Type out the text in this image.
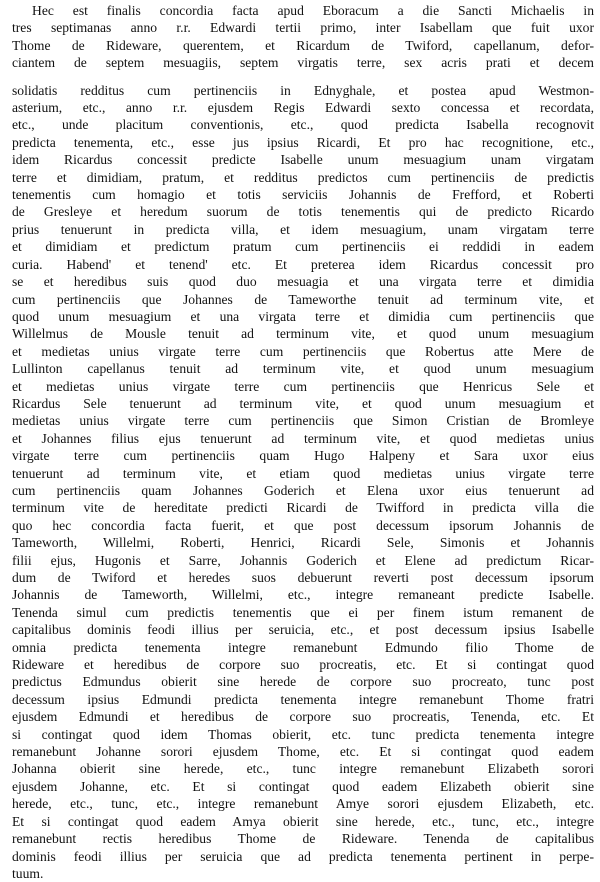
Hec est finalis concordia facta apud Eboracum a die Sancti Michaelis in
tres septimanas anno r.r. Edwardi tertii primo, inter Isabellam que fuit uxor
Thome de Rideware, querentem, et Ricardum de Twiford, capellanum, defor-
ciantem de septem mesuagiis, septem virgatis terre, sex acris prati et decem
solidatis redditus cum pertinenciis in Ednyghale, et postea apud Westmon-
asterium, etc., anno r.r. ejusdem Regis Edwardi sexto concessa et recordata,
etc., unde placitum conventionis, etc., quod predicta Isabella recognovit
predicta tenementa, etc., esse jus ipsius Ricardi, Et pro hac recognitione, etc.,
idem Ricardus concessit predicte Isabelle unum mesuagium unam virgatam
terre et dimidiam, pratum, et redditus predictos cum pertinenciis de predictis
tenementis cum homagio et totis serviciis Johannis de Frefford, et Roberti
de Gresleye et heredum suorum de totis tenementis qui de predicto Ricardo
prius tenuerunt in predicta villa, et idem mesuagium, unam virgatam terre
et dimidiam et predictum pratum cum pertinenciis ei reddidi in eadem
curia. Habend' et tenend' etc. Et preterea idem Ricardus concessit pro
se et heredibus suis quod duo mesuagia et una virgata terre et dimidia
cum pertinenciis que Johannes de Tameworthe tenuit ad terminum vite, et
quod unum mesuagium et una virgata terre et dimidia cum pertinenciis que
Willelmus de Mousle tenuit ad terminum vite, et quod unum mesuagium
et medietas unius virgate terre cum pertinenciis que Robertus atte Mere de
Lullinton capellanus tenuit ad terminum vite, et quod unum mesuagium
et medietas unius virgate terre cum pertinenciis que Henricus Sele et
Ricardus Sele tenuerunt ad terminum vite, et quod unum mesuagium et
medietas unius virgate terre cum pertinenciis que Simon Cristian de Bromleye
et Johannes filius ejus tenuerunt ad terminum vite, et quod medietas unius
virgate terre cum pertinenciis quam Hugo Halpeny et Sara uxor eius
tenuerunt ad terminum vite, et etiam quod medietas unius virgate terre
cum pertinenciis quam Johannes Goderich et Elena uxor eius tenuerunt ad
terminum vite de hereditate predicti Ricardi de Twifford in predicta villa die
quo hec concordia facta fuerit, et que post decessum ipsorum Johannis de
Tameworth, Willelmi, Roberti, Henrici, Ricardi Sele, Simonis et Johannis
filii ejus, Hugonis et Sarre, Johannis Goderich et Elene ad predictum Ricar-
dum de Twiford et heredes suos debuerunt reverti post decessum ipsorum
Johannis de Tameworth, Willelmi, etc., integre remaneant predicte Isabelle.
Tenenda simul cum predictis tenementis que ei per finem istum remanent de
capitalibus dominis feodi illius per seruicia, etc., et post decessum ipsius Isabelle
omnia predicta tenementa integre remanebunt Edmundo filio Thome de
Rideware et heredibus de corpore suo procreatis, etc. Et si contingat quod
predictus Edmundus obierit sine herede de corpore suo procreato, tunc post
decessum ipsius Edmundi predicta tenementa integre remanebunt Thome fratri
ejusdem Edmundi et heredibus de corpore suo procreatis, Tenenda, etc. Et
si contingat quod idem Thomas obierit, etc. tunc predicta tenementa integre
remanebunt Johanne sorori ejusdem Thome, etc. Et si contingat quod eadem
Johanna obierit sine herede, etc., tunc integre remanebunt Elizabeth sorori
ejusdem Johanne, etc. Et si contingat quod eadem Elizabeth obierit sine
herede, etc., tunc, etc., integre remanebunt Amye sorori ejusdem Elizabeth, etc.
Et si contingat quod eadem Amya obierit sine herede, etc., tunc, etc., integre
remanebunt rectis heredibus Thome de Rideware. Tenenda de capitalibus
dominis feodi illius per seruicia que ad predicta tenementa pertinent in perpe-
tuum.
